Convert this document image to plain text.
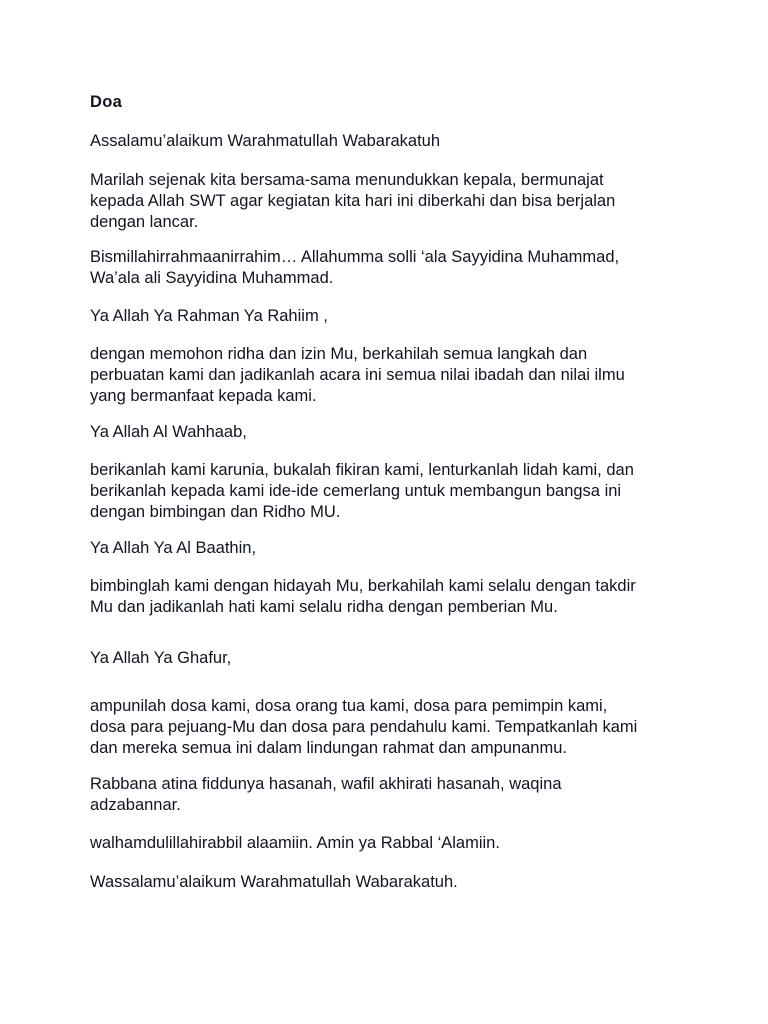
Doa

Assalamu’alaikum Warahmatullah Wabarakatuh

Marilah sejenak kita bersama-sama menundukkan kepala, bermunajat
kepada Allah SWT agar kegiatan kita hari ini diberkahi dan bisa berjalan
dengan lancar.

Bismillahirrahmaanirrahim… Allahumma solli ‘ala Sayyidina Muhammad,
Wa’ala ali Sayyidina Muhammad.

Ya Allah Ya Rahman Ya Rahiim ,

dengan memohon ridha dan izin Mu, berkahilah semua langkah dan
perbuatan kami dan jadikanlah acara ini semua nilai ibadah dan nilai ilmu
yang bermanfaat kepada kami.

Ya Allah Al Wahhaab,

berikanlah kami karunia, bukalah fikiran kami, lenturkanlah lidah kami, dan
berikanlah kepada kami ide-ide cemerlang untuk membangun bangsa ini
dengan bimbingan dan Ridho MU.

Ya Allah Ya Al Baathin,

bimbinglah kami dengan hidayah Mu, berkahilah kami selalu dengan takdir
Mu dan jadikanlah hati kami selalu ridha dengan pemberian Mu.

Ya Allah Ya Ghafur,

ampunilah dosa kami, dosa orang tua kami, dosa para pemimpin kami,
dosa para pejuang-Mu dan dosa para pendahulu kami. Tempatkanlah kami
dan mereka semua ini dalam lindungan rahmat dan ampunanmu.

Rabbana atina fiddunya hasanah, wafil akhirati hasanah, waqina
adzabannar.

walhamdulillahirabbil alaamiin. Amin ya Rabbal ‘Alamiin.

Wassalamu’alaikum Warahmatullah Wabarakatuh.
